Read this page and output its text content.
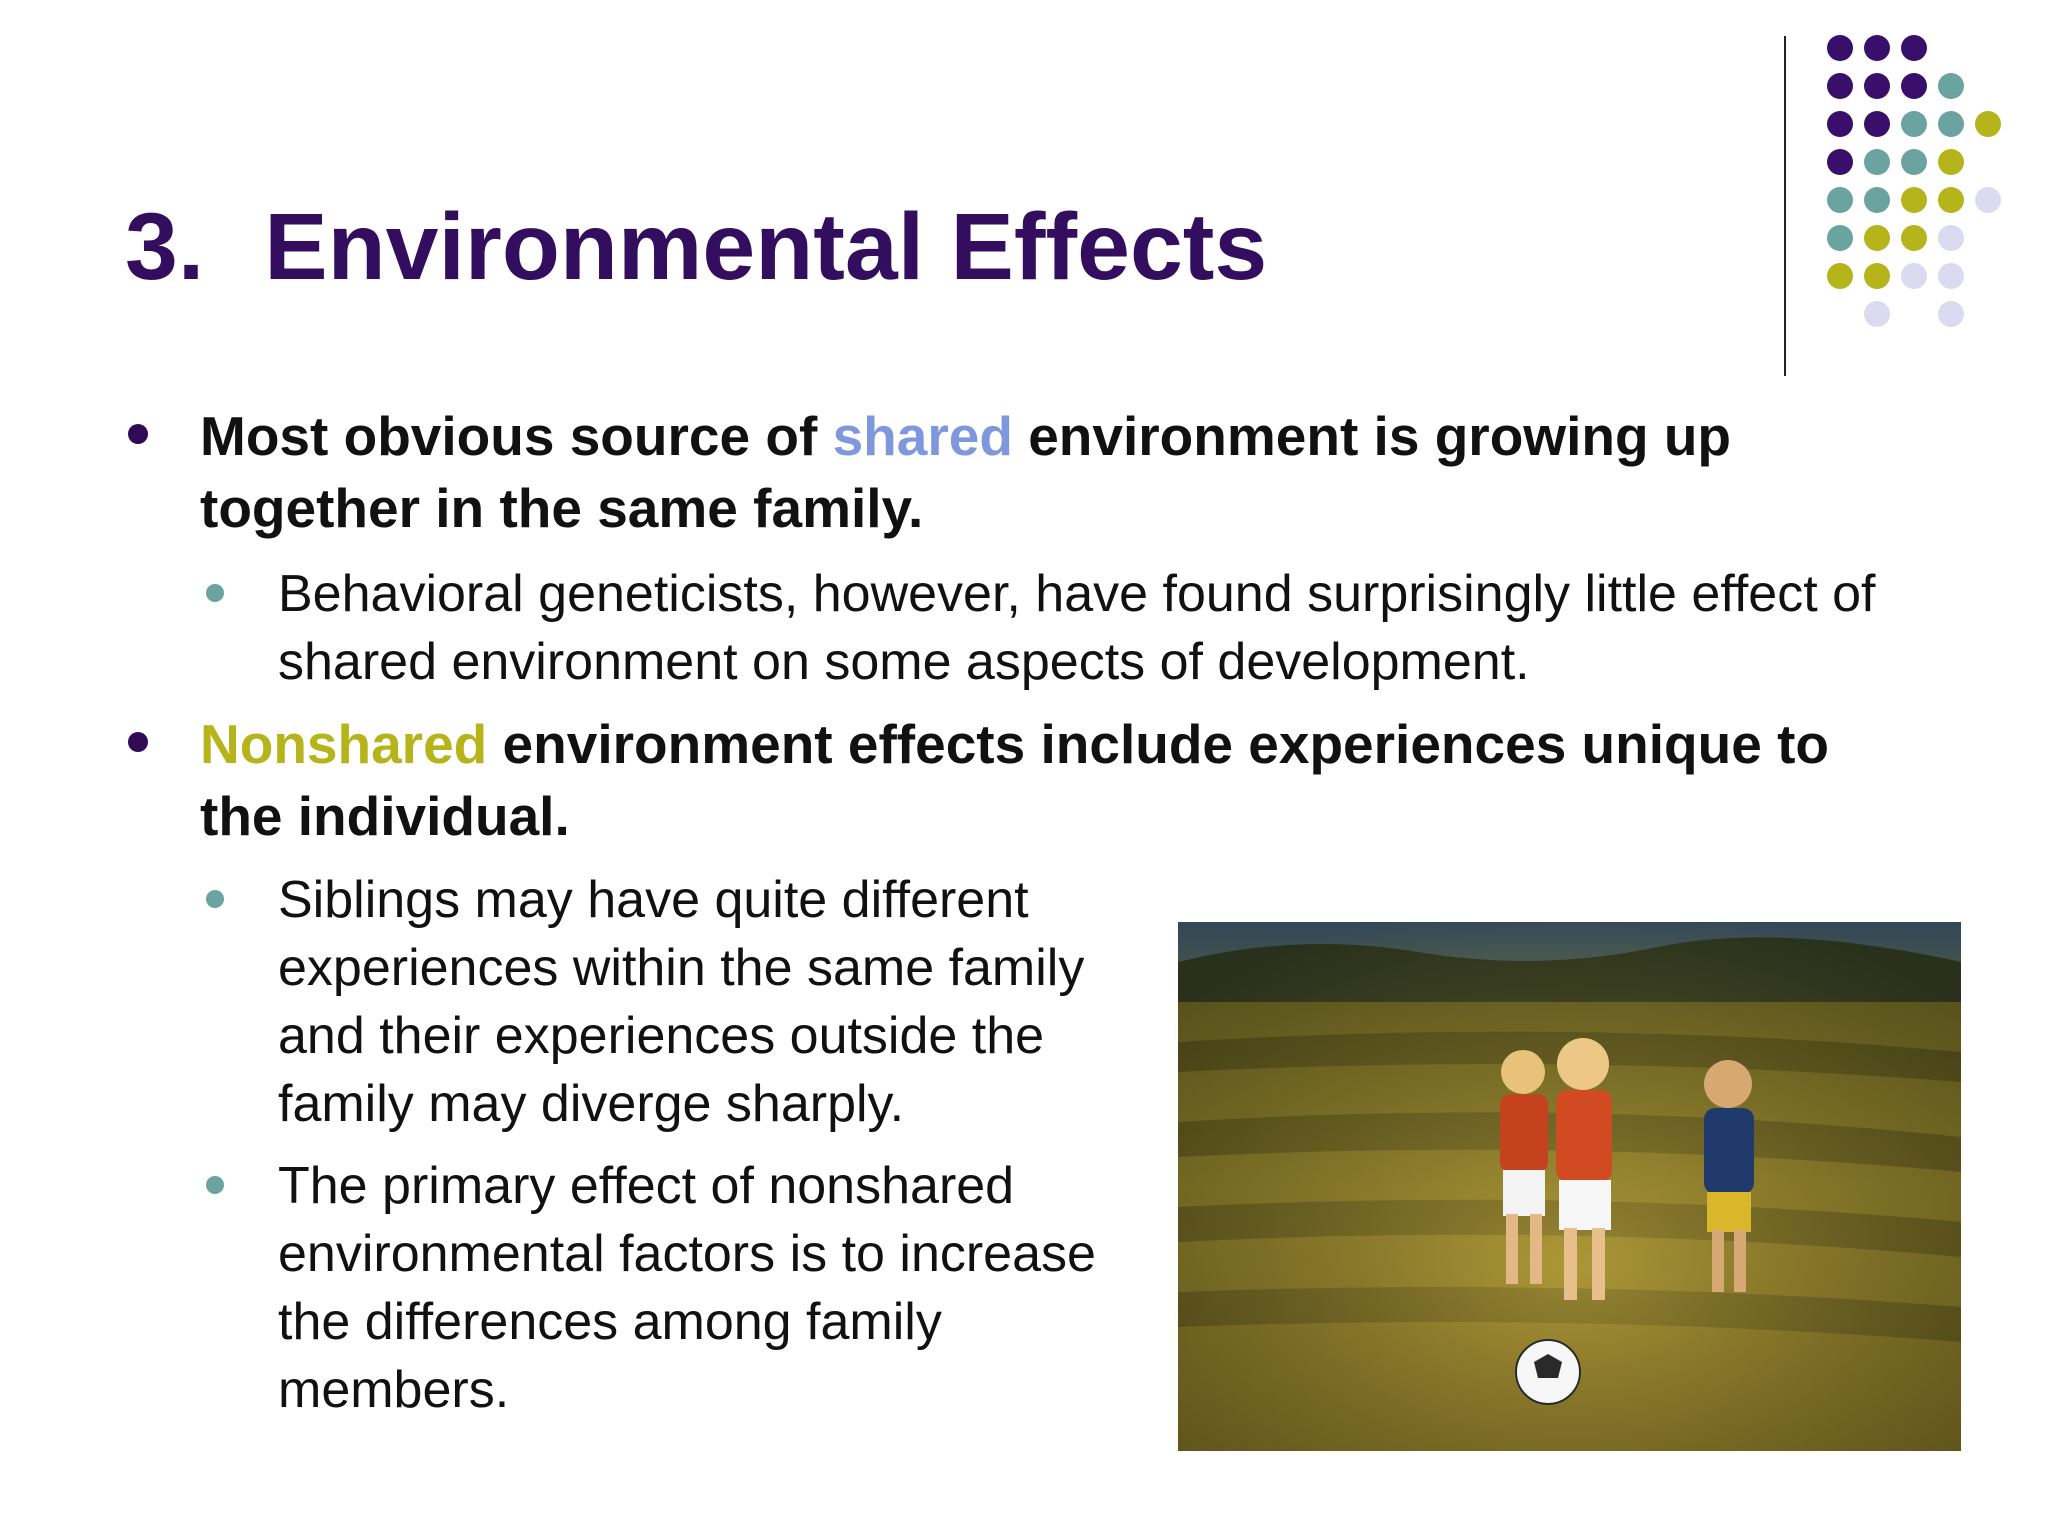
3. Environmental Effects
Most obvious source of shared environment is growing up together in the same family.
Behavioral geneticists, however, have found surprisingly little effect of shared environment on some aspects of development.
Nonshared environment effects include experiences unique to the individual.
Siblings may have quite different experiences within the same family and their experiences outside the family may diverge sharply.
The primary effect of nonshared environmental factors is to increase the differences among family members.
